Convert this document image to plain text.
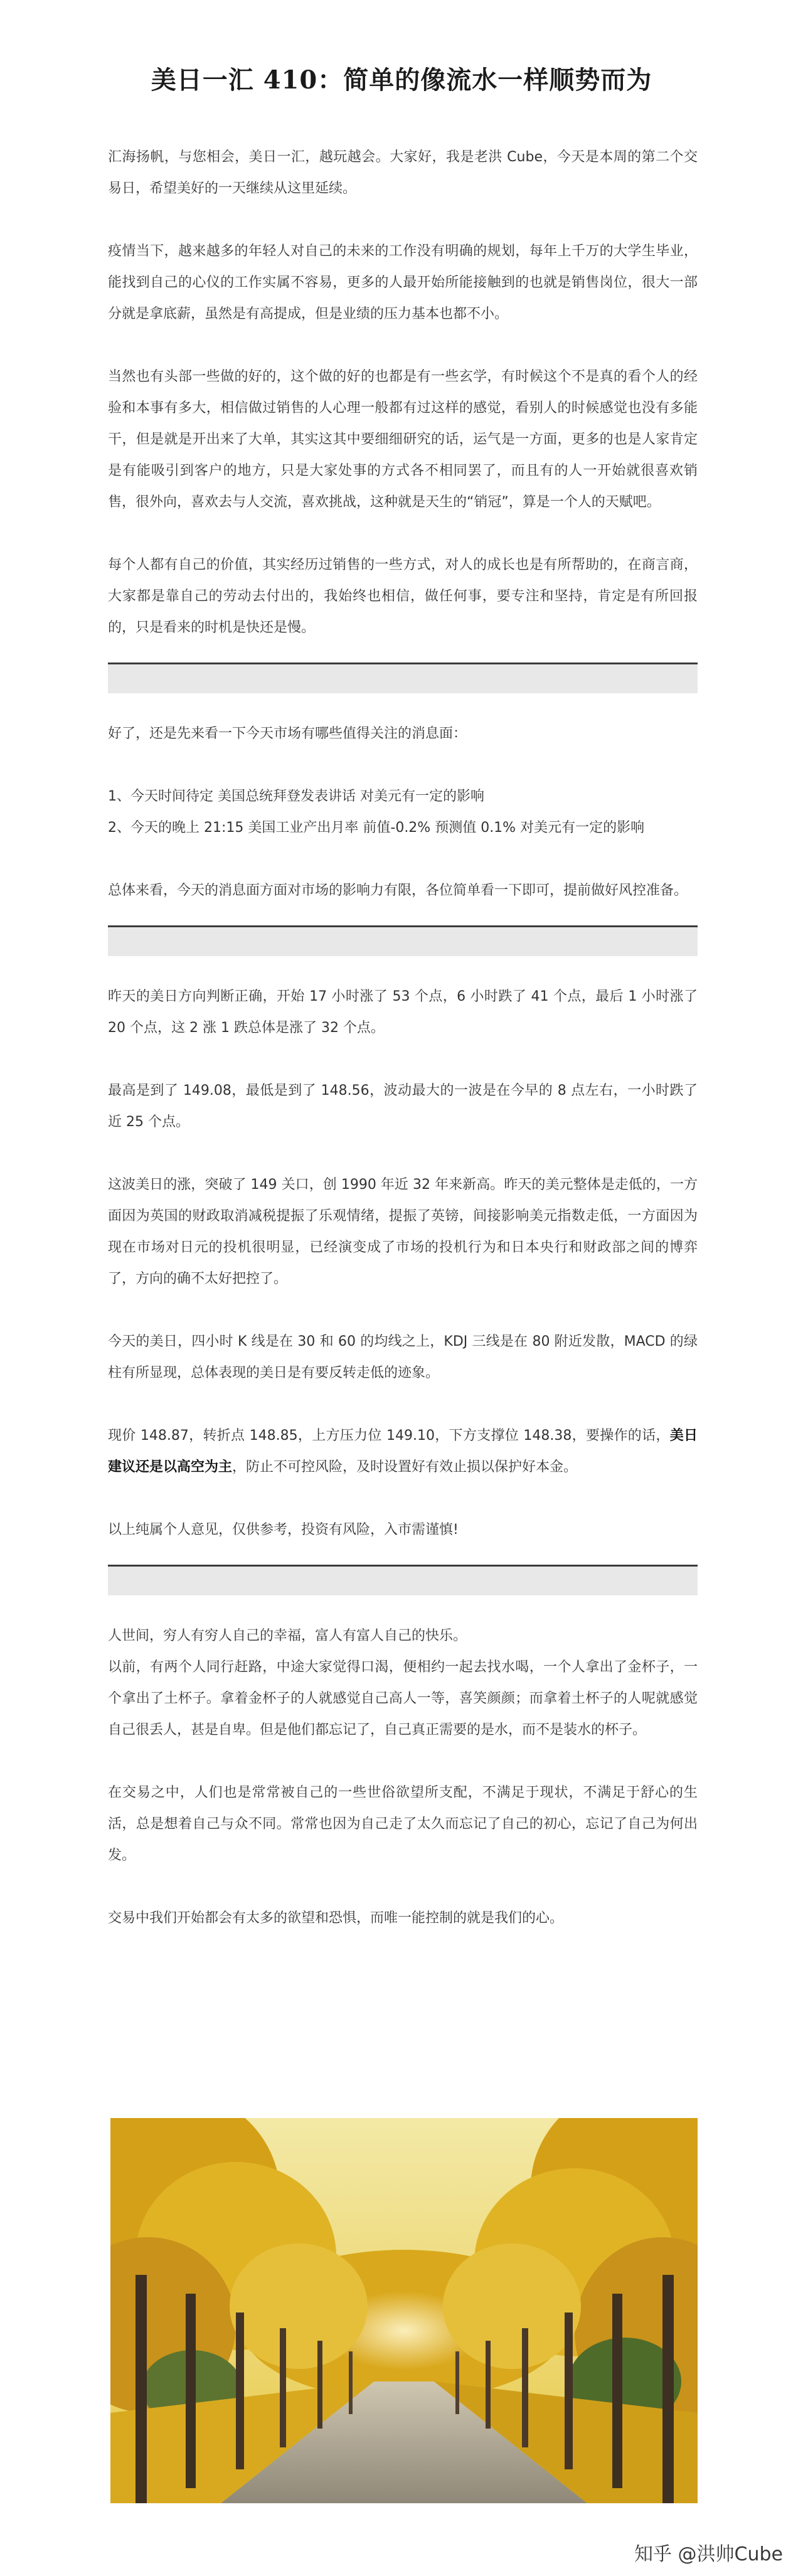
美日一汇 410：简单的像流水一样顺势而为

汇海扬帆，与您相会，美日一汇，越玩越会。大家好，我是老洪 Cube，今天是本周的第二个交易日，希望美好的一天继续从这里延续。

疫情当下，越来越多的年轻人对自己的未来的工作没有明确的规划，每年上千万的大学生毕业，能找到自己的心仪的工作实属不容易，更多的人最开始所能接触到的也就是销售岗位，很大一部分就是拿底薪，虽然是有高提成，但是业绩的压力基本也都不小。

当然也有头部一些做的好的，这个做的好的也都是有一些玄学，有时候这个不是真的看个人的经验和本事有多大，相信做过销售的人心理一般都有过这样的感觉，看别人的时候感觉也没有多能干，但是就是开出来了大单，其实这其中要细细研究的话，运气是一方面，更多的也是人家肯定是有能吸引到客户的地方，只是大家处事的方式各不相同罢了，而且有的人一开始就很喜欢销售，很外向，喜欢去与人交流，喜欢挑战，这种就是天生的“销冠”，算是一个人的天赋吧。

每个人都有自己的价值，其实经历过销售的一些方式，对人的成长也是有所帮助的，在商言商，大家都是靠自己的劳动去付出的，我始终也相信，做任何事，要专注和坚持，肯定是有所回报的，只是看来的时机是快还是慢。

好了，还是先来看一下今天市场有哪些值得关注的消息面：

1、今天时间待定 美国总统拜登发表讲话 对美元有一定的影响

2、今天的晚上 21:15 美国工业产出月率 前值-0.2% 预测值 0.1% 对美元有一定的影响

总体来看，今天的消息面方面对市场的影响力有限，各位简单看一下即可，提前做好风控准备。

昨天的美日方向判断正确，开始 17 小时涨了 53 个点，6 小时跌了 41 个点，最后 1 小时涨了 20 个点，这 2 涨 1 跌总体是涨了 32 个点。

最高是到了 149.08，最低是到了 148.56，波动最大的一波是在今早的 8 点左右，一小时跌了近 25 个点。

这波美日的涨，突破了 149 关口，创 1990 年近 32 年来新高。昨天的美元整体是走低的，一方面因为英国的财政取消减税提振了乐观情绪，提振了英镑，间接影响美元指数走低，一方面因为现在市场对日元的投机很明显，已经演变成了市场的投机行为和日本央行和财政部之间的博弈了，方向的确不太好把控了。

今天的美日，四小时 K 线是在 30 和 60 的均线之上，KDJ 三线是在 80 附近发散，MACD 的绿柱有所显现，总体表现的美日是有要反转走低的迹象。

现价 148.87，转折点 148.85，上方压力位 149.10，下方支撑位 148.38，要操作的话，美日建议还是以高空为主，防止不可控风险，及时设置好有效止损以保护好本金。

以上纯属个人意见，仅供参考，投资有风险，入市需谨慎!

人世间，穷人有穷人自己的幸福，富人有富人自己的快乐。

以前，有两个人同行赶路，中途大家觉得口渴，便相约一起去找水喝，一个人拿出了金杯子，一个拿出了土杯子。拿着金杯子的人就感觉自己高人一等，喜笑颜颜；而拿着土杯子的人呢就感觉自己很丢人，甚是自卑。但是他们都忘记了，自己真正需要的是水，而不是装水的杯子。

在交易之中，人们也是常常被自己的一些世俗欲望所支配，不满足于现状，不满足于舒心的生活，总是想着自己与众不同。常常也因为自己走了太久而忘记了自己的初心，忘记了自己为何出发。

交易中我们开始都会有太多的欲望和恐惧，而唯一能控制的就是我们的心。

知乎 @洪帅Cube
